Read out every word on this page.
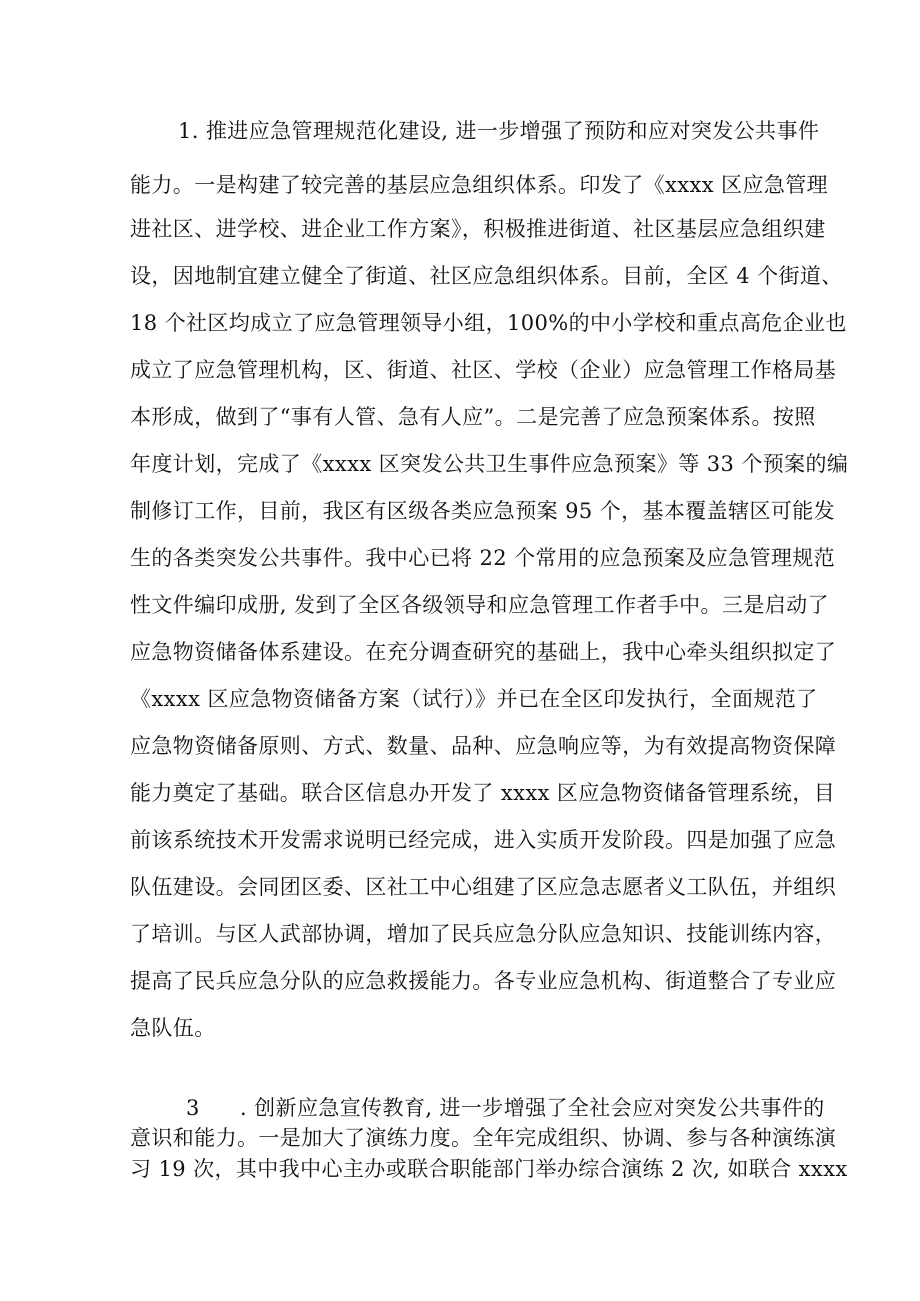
1. 推进应急管理规范化建设, 进一步增强了预防和应对突发公共事件
能力。一是构建了较完善的基层应急组织体系。印发了《xxxx 区应急管理
进社区、进学校、进企业工作方案》，积极推进街道、社区基层应急组织建
设，因地制宜建立健全了街道、社区应急组织体系。目前，全区 4 个街道、
18 个社区均成立了应急管理领导小组，100%的中小学校和重点高危企业也
成立了应急管理机构，区、街道、社区、学校（企业）应急管理工作格局基
本形成，做到了“事有人管、急有人应”。二是完善了应急预案体系。按照
年度计划，完成了《xxxx 区突发公共卫生事件应急预案》等 33 个预案的编
制修订工作，目前，我区有区级各类应急预案 95 个，基本覆盖辖区可能发
生的各类突发公共事件。我中心已将 22 个常用的应急预案及应急管理规范
性文件编印成册, 发到了全区各级领导和应急管理工作者手中。三是启动了
应急物资储备体系建设。在充分调查研究的基础上，我中心牵头组织拟定了
《xxxx 区应急物资储备方案（试行）》并已在全区印发执行，全面规范了
应急物资储备原则、方式、数量、品种、应急响应等，为有效提高物资保障
能力奠定了基础。联合区信息办开发了 xxxx 区应急物资储备管理系统，目
前该系统技术开发需求说明已经完成，进入实质开发阶段。四是加强了应急
队伍建设。会同团区委、区社工中心组建了区应急志愿者义工队伍，并组织
了培训。与区人武部协调，增加了民兵应急分队应急知识、技能训练内容，
提高了民兵应急分队的应急救援能力。各专业应急机构、街道整合了专业应
急队伍。
3 . 创新应急宣传教育, 进一步增强了全社会应对突发公共事件的
意识和能力。一是加大了演练力度。全年完成组织、协调、参与各种演练演
习 19 次，其中我中心主办或联合职能部门举办综合演练 2 次, 如联合 xxxx
